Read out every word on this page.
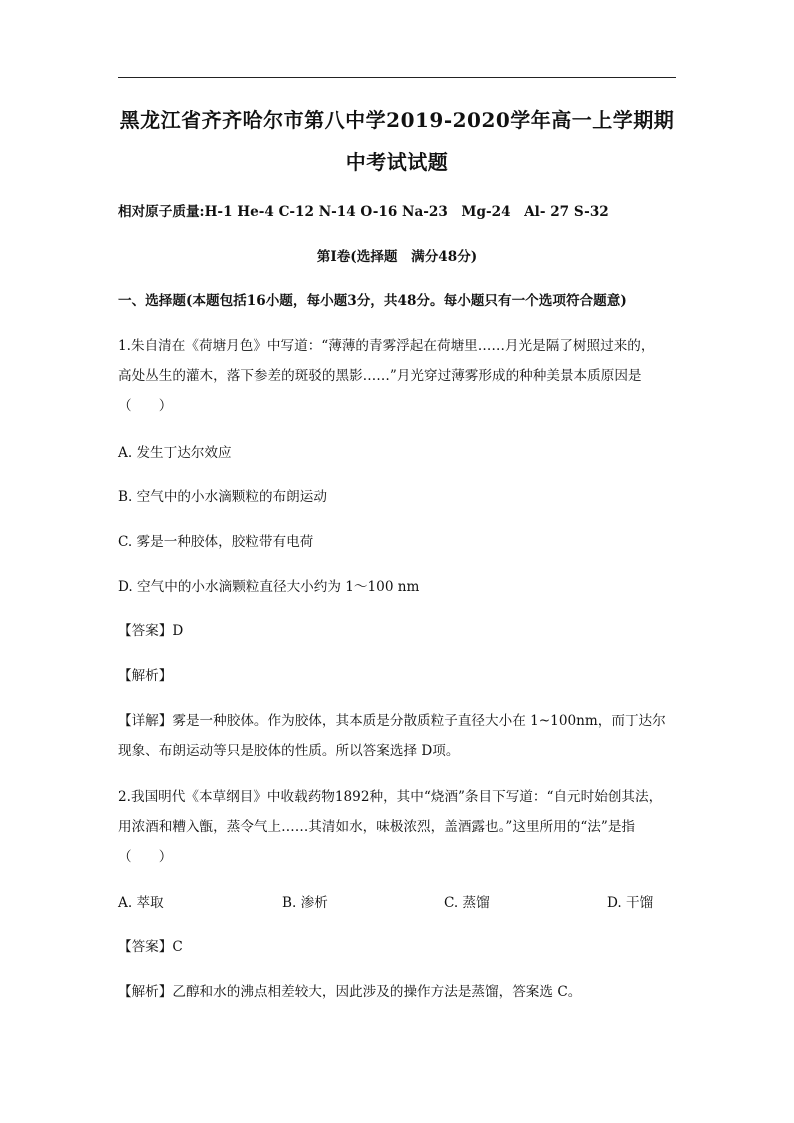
黑龙江省齐齐哈尔市第八中学2019-2020学年高一上学期期
中考试试题
相对原子质量:H-1 He-4 C-12 N-14 O-16 Na-23　Mg-24　Al- 27 S-32
第Ⅰ卷(选择题　满分48分)
一、选择题(本题包括16小题，每小题3分，共48分。每小题只有一个选项符合题意)
1.朱自清在《荷塘月色》中写道：“薄薄的青雾浮起在荷塘里……月光是隔了树照过来的，
高处丛生的灌木，落下参差的斑驳的黑影……”月光穿过薄雾形成的种种美景本质原因是
（　　）
A. 发生丁达尔效应
B. 空气中的小水滴颗粒的布朗运动
C. 雾是一种胶体，胶粒带有电荷
D. 空气中的小水滴颗粒直径大小约为 1～100 nm
【答案】D
【解析】
【详解】雾是一种胶体。作为胶体，其本质是分散质粒子直径大小在 1~100nm，而丁达尔
现象、布朗运动等只是胶体的性质。所以答案选择 D项。
2.我国明代《本草纲目》中收载药物1892种，其中“烧酒”条目下写道：“自元时始创其法，
用浓酒和糟入甑，蒸令气上……其清如水，味极浓烈，盖酒露也。”这里所用的“法”是指
（　　）
A. 萃取	B. 渗析	C. 蒸馏	D. 干馏
【答案】C
【解析】乙醇和水的沸点相差较大，因此涉及的操作方法是蒸馏，答案选 C。
